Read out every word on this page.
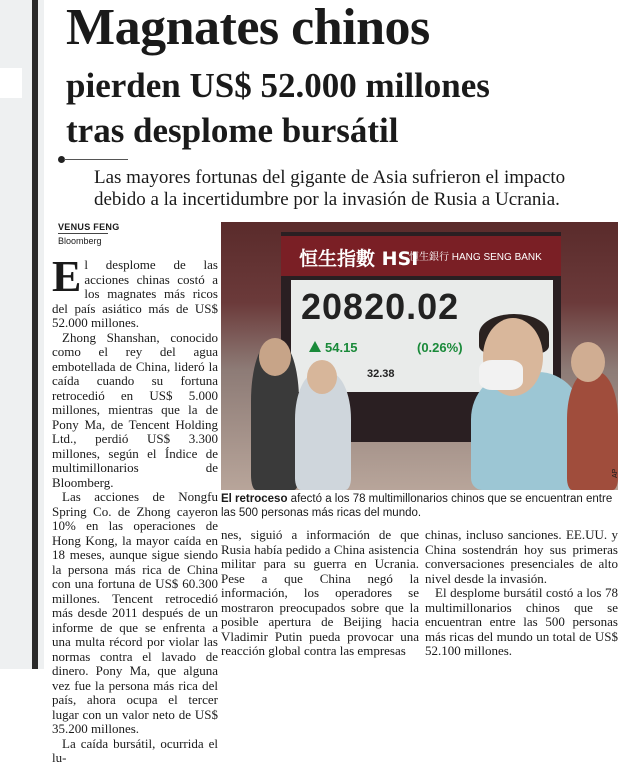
Magnates chinos
pierden US$ 52.000 millones
tras desplome bursátil

Las mayores fortunas del gigante de Asia sufrieron el impacto debido a la incertidumbre por la invasión de Rusia a Ucrania.

VENUS FENG
Bloomberg

El desplome de las acciones chinas costó a los magnates más ricos del país asiático más de US$ 52.000 millones.

Zhong Shanshan, conocido como el rey del agua embotellada de China, lideró la caída cuando su fortuna retrocedió en US$ 5.000 millones, mientras que la de Pony Ma, de Tencent Holding Ltd., perdió US$ 3.300 millones, según el Índice de multimillonarios de Bloomberg.

Las acciones de Nongfu Spring Co. de Zhong cayeron 10% en las operaciones de Hong Kong, la mayor caída en 18 meses, aunque sigue siendo la persona más rica de China con una fortuna de US$ 60.300 millones. Tencent retrocedió más desde 2011 después de un informe de que se enfrenta a una multa récord por violar las normas contra el lavado de dinero. Pony Ma, que alguna vez fue la persona más rica del país, ahora ocupa el tercer lugar con un valor neto de US$ 35.200 millones.

La caída bursátil, ocurrida el lu-

恒生指數 HSI
恒生銀行 HANG SENG BANK
20820.02
54.15	(0.26%)
32.38
AP

El retroceso afectó a los 78 multimillonarios chinos que se encuentran entre las 500 personas más ricas del mundo.

nes, siguió a información de que Rusia había pedido a China asistencia militar para su guerra en Ucrania. Pese a que China negó la información, los operadores se mostraron preocupados sobre que la posible apertura de Beijing hacia Vladimir Putin pueda provocar una reacción global contra las empresas

chinas, incluso sanciones. EE.UU. y China sostendrán hoy sus primeras conversaciones presenciales de alto nivel desde la invasión.

El desplome bursátil costó a los 78 multimillonarios chinos que se encuentran entre las 500 personas más ricas del mundo un total de US$ 52.100 millones.
